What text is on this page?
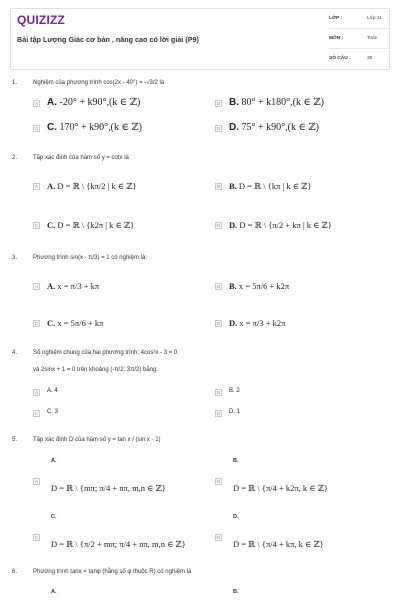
QUIZIZZ
Bài tập Lượng Giác cơ bản , nâng cao có lời giải (P9)
LỚP :	Lớp 11
MÔN :	Toán
SỐ CÂU :	35
1.	Nghiệm của phương trình cos(2x - 40°) = -√3/2 là
A A. -20° + k90°,(k ∈ ℤ)	B B. 80° + k180°,(k ∈ ℤ)
C C. 170° + k90°,(k ∈ ℤ)	D D. 75° + k90°,(k ∈ ℤ)
2.	Tập xác định của hàm số y = cotx là
A A. D = ℝ \ {kπ/2 | k ∈ ℤ}	B B. D = ℝ \ {kπ | k ∈ ℤ}
C C. D = ℝ \ {k2π | k ∈ ℤ}	D D. D = ℝ \ {π/2 + kπ | k ∈ ℤ}
3.	Phương trình sin(x - π/3) = 1 có nghiệm là:
A A. x = π/3 + kπ	B B. x = 5π/6 + k2π
C C. x = 5π/6 + kπ	D D. x = π/3 + k2π
4.	Số nghiệm chung của hai phương trình: 4cos²x - 3 = 0
và 2sinx + 1 = 0 trên khoảng (-π/2; 3π/2) bằng:
A	A. 4	B	B. 2
C	C. 3	D	D. 1
5.	Tập xác định D của hàm số y = tan x / (sin x - 1)
A.	B.
A
D = ℝ \ {mπ; π/4 + nπ, m,n ∈ ℤ}
B
D = ℝ \ {π/4 + k2π, k ∈ ℤ}
C.	D.
C
D = ℝ \ {π/2 + mπ; π/4 + nπ, m,n ∈ ℤ}
D
D = ℝ \ {π/4 + kπ, k ∈ ℤ}
6.	Phương trình tanx = tanφ (hằng số φ thuộc R) có nghiệm là
A.	B.
